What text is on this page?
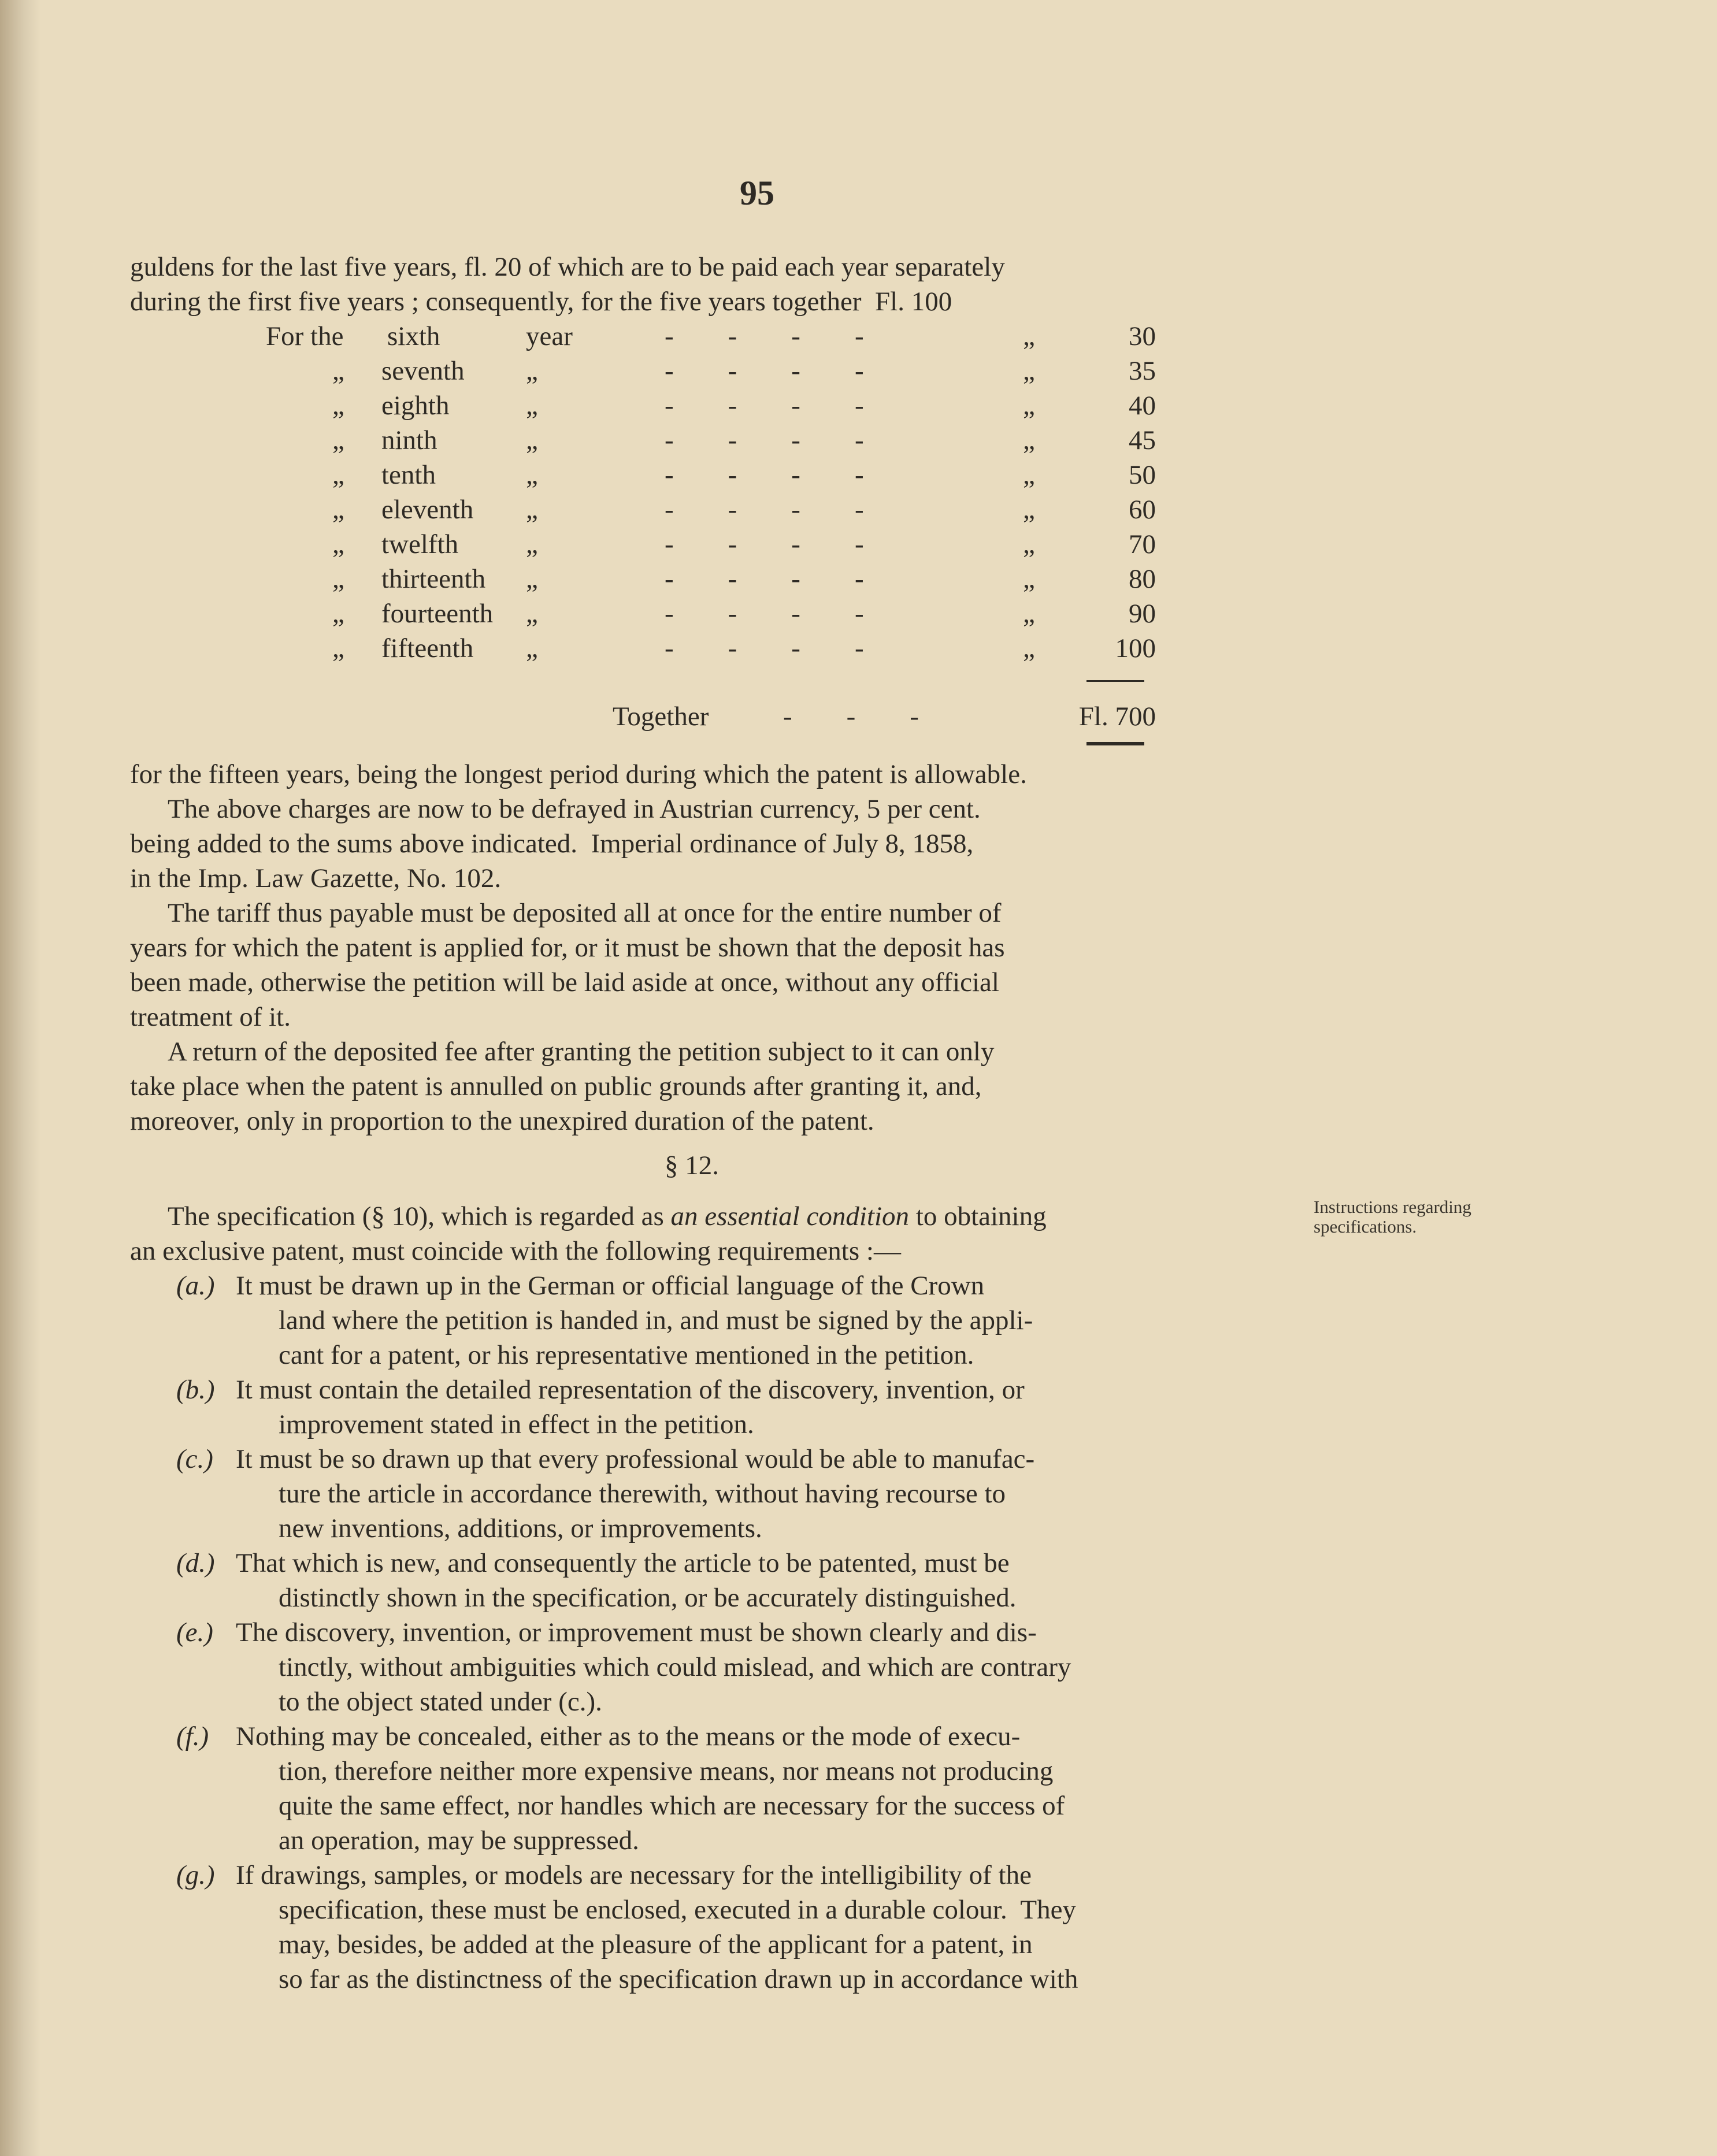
95
guldens for the last five years, fl. 20 of which are to be paid each year separately
during the first five years ; consequently, for the five years together  Fl. 100
For the sixth	year	-        -        -        -	„	30
„ seventh „	-        -        -        -	„	35
„ eighth	„	-        -        -        -	„	40
„ ninth	„	-        -        -        -	„	45
„ tenth	„	-        -        -        -	„	50
„ eleventh „	-        -        -        -	„	60
„ twelfth „	-        -        -        -	„	70
„ thirteenth „	-        -        -        -	„	80
„ fourteenth „	-        -        -        -	„	90
„ fifteenth „	-        -        -        -	„	100
Together	-        -        -	Fl. 700
for the fifteen years, being the longest period during which the patent is allowable.
The above charges are now to be defrayed in Austrian currency, 5 per cent.
being added to the sums above indicated.  Imperial ordinance of July 8, 1858,
in the Imp. Law Gazette, No. 102.
The tariff thus payable must be deposited all at once for the entire number of
years for which the patent is applied for, or it must be shown that the deposit has
been made, otherwise the petition will be laid aside at once, without any official
treatment of it.
A return of the deposited fee after granting the petition subject to it can only
take place when the patent is annulled on public grounds after granting it, and,
moreover, only in proportion to the unexpired duration of the patent.
§ 12.
Instructions regarding specifications.
The specification (§ 10), which is regarded as an essential condition to obtaining
an exclusive patent, must coincide with the following requirements :—
(a.) It must be drawn up in the German or official language of the Crown
land where the petition is handed in, and must be signed by the appli-
cant for a patent, or his representative mentioned in the petition.
(b.) It must contain the detailed representation of the discovery, invention, or
improvement stated in effect in the petition.
(c.) It must be so drawn up that every professional would be able to manufac-
ture the article in accordance therewith, without having recourse to
new inventions, additions, or improvements.
(d.) That which is new, and consequently the article to be patented, must be
distinctly shown in the specification, or be accurately distinguished.
(e.) The discovery, invention, or improvement must be shown clearly and dis-
tinctly, without ambiguities which could mislead, and which are contrary
to the object stated under (c.).
(f.) Nothing may be concealed, either as to the means or the mode of execu-
tion, therefore neither more expensive means, nor means not producing
quite the same effect, nor handles which are necessary for the success of
an operation, may be suppressed.
(g.) If drawings, samples, or models are necessary for the intelligibility of the
specification, these must be enclosed, executed in a durable colour.  They
may, besides, be added at the pleasure of the applicant for a patent, in
so far as the distinctness of the specification drawn up in accordance with
